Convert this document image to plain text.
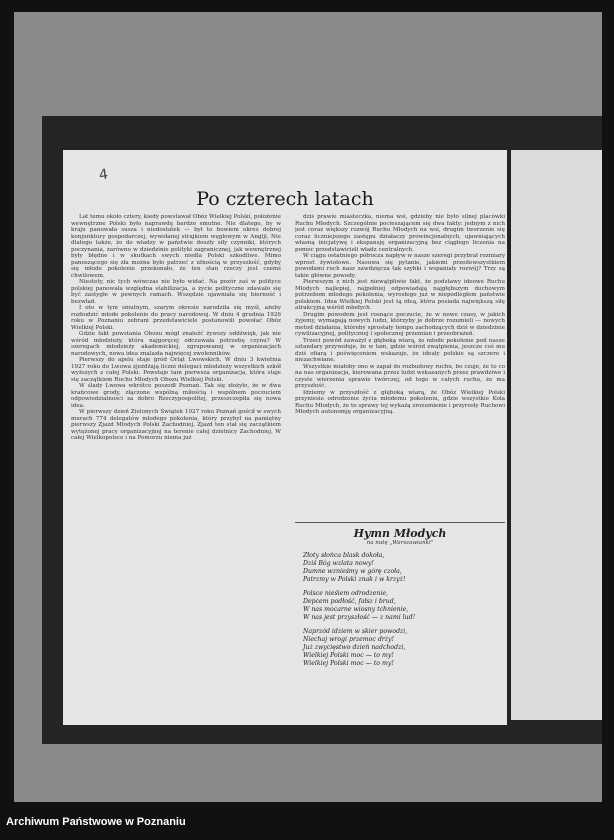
4
Po czterech latach

Lat temu około cztery, kiedy powstawał Obóz Wielkiej Polski, położenie wewnętrzne Polski było naprawdę bardzo smutne. Nie dlatego, by w kraju panowała susza i niedostatek — był to bowiem okres dobrej konjunktury gospodarczej, wywołanej strajkiem węglowym w Anglji. Nie dlatego także, że do władzy w państwie doszły siły czynniki, których poczynania, zarówno w dziedzinie polityki zagranicznej, jak wewnętrznej były błędne i w skutkach swych niedla Polski szkodliwe. Mimo panoszącego się zła można było patrzeć z ufnością w przyszłość, gdyby się młode pokolenie przekonało, że ten stan rzeczy jest czemś chwilowem.

Niestety, nic tych wówczas nie było widać. Na pozór zaś w polityce polskiej panowała względna stabilizacja, a życie polityczne zdawało się być zastygłe w pewnych ramach. Wszędzie ujawniała się bierność i bezwład.

I oto w tym smutnym, szarym okresie narodziła się myśl, ażeby rozbudzić młode pokolenie do pracy narodowej. W dniu 4 grudnia 1926 roku w Poznaniu zebrani przedstawiciele postanowili powołać Obóz Wielkiej Polski.

Gdzie fakt powstania Obozu mógł znaleźć żywszy oddźwięk, jak nie wśród młodzieży, która najgoręcej odczuwała potrzebę czynu? W szeregach młodzieży akademickiej, zgrupowanej w organizacjach narodowych, nowa idea znalazła najwięcej zwolenników.

Pierwszy do apelu staje gród Orląt Lwowskich. W dniu 3 kwietnia 1927 roku do Lwowa zjeżdżają liczni delegaci młodzieży wszystkich szkół wyższych z całej Polski. Powstaje tam pierwsza organizacja, która staje się zaczątkiem Ruchu Młodych Obozu Wielkiej Polski.

W ślady Lwowa wkrótce poszedł Poznań. Tak się złożyło, że w dwa krańcowe grody, złączone wspólną miłością i wspólnem poczuciem odpowiedzialności za dobro Rzeczypospolitej, przeszczepiła się nowa idea.

W pierwszy dzień Zielonych Świątek 1927 roku Poznań gościł w swych murach 774 delegatów młodego pokolenia, który przybył na pamiętny pierwszy Zjazd Młodych Polski Zachodniej. Zjazd ten stał się zaczątkiem wytężonej pracy organizacyjnej na terenie całej dzielnicy Zachodniej. W całej Wielkopolsce i na Pomorzu niema już

dziś prawie miasteczka, niema wsi, gdzieby nie było silnej placówki Ruchu Młodych. Szczególnie pocieszającem się dwa fakty: jednym z nich jest coraz większy rozwój Ruchu Młodych na wsi, drugim tworzenie się coraz liczniejszego zastępu działaczy prowincjonalnych, ujawniających własną inicjatywę i ekspansję organizacyjną bez ciągłego liczenia na pomoc przedstawicieli władz centralnych.

W ciągu ostatniego półrocza napływ w nasze szeregi przybrał rozmiary wprost żywiołowe. Nasuwa się pytanie, jakiemi przedewszystkiem powodami ruch nasz zawdzięcza tak szybki i wspaniały rozwój? Trzy są takie główne powody.

Pierwszym z nich jest niewątpliwie fakt, że podstawy ideowe Ruchu Młodych najlepiej, najpełniej odpowiadają najgłębszym duchowym potrzebom młodego pokolenia, wyrosłego już w niepodległem państwie polskiem. Idea Wielkiej Polski jest tą ideą, która posiada największą siłę atrakcyjną wśród młodych.

Drugim powodem jest rosnące poczucie, że w nowe czasy, w jakich żyjemy, wymagają nowych ludzi, którzyby je dobrze rozumieli — nowych metod działania, któreby sprostały tempu zachodzących dziś w dziedzinie cywilizacyjnej, politycznej i społecznej przemian i przeobrażeń.

Trzeci powód zaważył z głęboką wiarą, że młode pokolenie pod nasze sztandary przywołuje, że w tam, gdzie wśród zwątpienia, jeszcze coś mu dziś ofiarą i poświęceniem wskazuje, że ideały polskie są szczere i niezachwiane.

Wszystkie miałoby ono w zapał do rozbudowy ruchu, bo czuje, że to co na nas organizacja, kierowana przez ludzi wskazanych przez prawdziwe i czyste wierzenia sprawie twórczej, od tego w całych ruchu, że ma przyszłość.

Idziemy w przyszłość z głęboką wiarą, że Obóz Wielkiej Polski przyniesie odrodzenie życia młodemu pokoleniu, gdzie wszystkie Koła Ruchu Młodych, że to sprawy tej wykażą zrozumienie i przyrosły Ruchowi Młodych autonomję organizacyjną.

Hymn Młodych
na nutę „Warszawianki"
Złoty słońca blask dokoła,
Dziś Bóg wzlata nowy!
Dumne wznieśmy w górę czoła,
Patrzmy w Polski znak i w krzyż!
Polsce nieśiem odrodzenie,
Depcem podłość, fałsz i brud,
W nas mocarne wiosny tchnienie,
W nas jest przyszłość — z nami lud!
Naprzód idziem w skier powodzi,
Niechaj wrogi przemoc drży!
Już zwycięstwo dzień nadchodzi,
Wielkiej Polski moc — to my!
Wielkiej Polski moc — to my!
Archiwum Państwowe w Poznaniu
